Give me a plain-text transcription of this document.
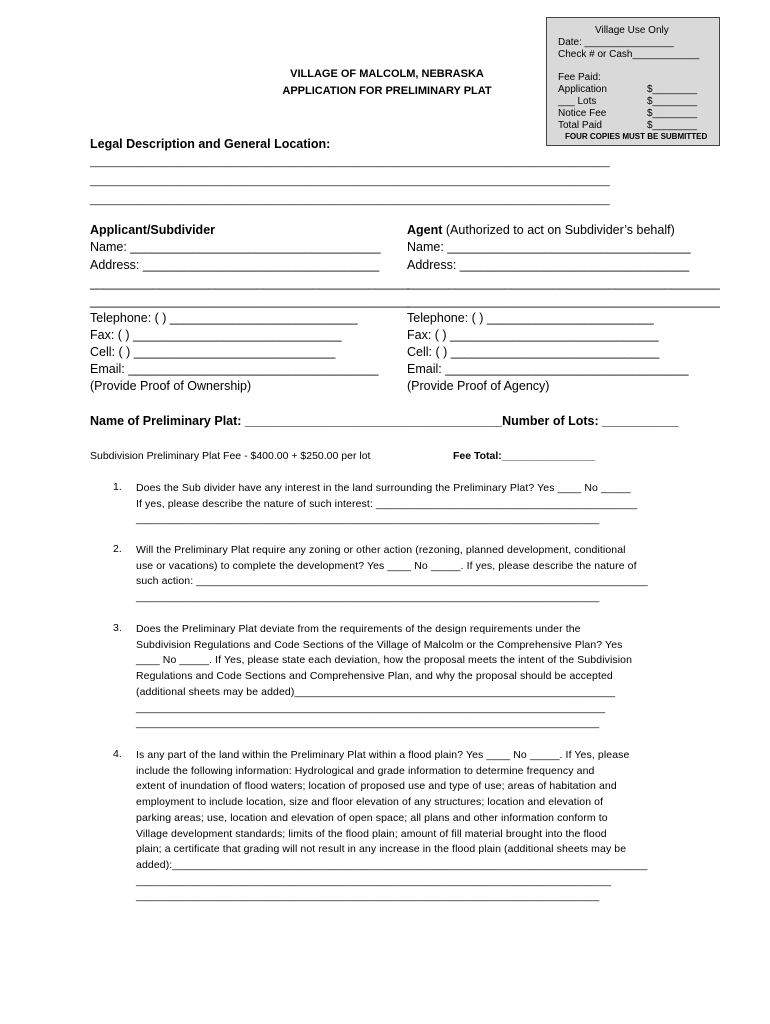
Village Use Only
Date: ________________
Check # or Cash____________
Fee Paid:
Application	$________
___ Lots	$________
Notice Fee	$________
Total Paid	$________
FOUR COPIES MUST BE SUBMITTED
VILLAGE OF MALCOLM, NEBRASKA
APPLICATION FOR PRELIMINARY PLAT
Legal Description and General Location:
_________________________________________________________________________________________
_________________________________________________________________________________________
_________________________________________________________________________________________
Applicant/Subdivider
Name: ____________________________________
Address: __________________________________
______________________________________________
______________________________________________
Telephone: ( ) ___________________________
Fax: ( ) ______________________________
Cell: ( ) _____________________________
Email: ____________________________________
(Provide Proof of Ownership)
Agent (Authorized to act on Subdivider’s behalf)
Name: ___________________________________
Address: _________________________________
_____________________________________________
_____________________________________________
Telephone: ( ) ________________________
Fax: ( ) ______________________________
Cell: ( ) ______________________________
Email: ___________________________________
(Provide Proof of Agency)
Name of Preliminary Plat: _____________________________________Number of Lots: ___________
Subdivision Preliminary Plat Fee - $400.00 + $250.00 per lot	Fee Total:________________
1. Does the Sub divider have any interest in the land surrounding the Preliminary Plat? Yes ____ No _____
If yes, please describe the nature of such interest: ____________________________________________
______________________________________________________________________________
2. Will the Preliminary Plat require any zoning or other action (rezoning, planned development, conditional
use or vacations) to complete the development? Yes ____ No _____. If yes, please describe the nature of
such action: ____________________________________________________________________________
______________________________________________________________________________
3. Does the Preliminary Plat deviate from the requirements of the design requirements under the
Subdivision Regulations and Code Sections of the Village of Malcolm or the Comprehensive Plan? Yes
____ No _____. If Yes, please state each deviation, how the proposal meets the intent of the Subdivision
Regulations and Code Sections and Comprehensive Plan, and why the proposal should be accepted
(additional sheets may be added)______________________________________________________
_______________________________________________________________________________
______________________________________________________________________________
4. Is any part of the land within the Preliminary Plat within a flood plain? Yes ____ No _____. If Yes, please
include the following information: Hydrological and grade information to determine frequency and
extent of inundation of flood waters; location of proposed use and type of use; areas of habitation and
employment to include location, size and floor elevation of any structures; location and elevation of
parking areas; use, location and elevation of open space; all plans and other information conform to
Village development standards; limits of the flood plain; amount of fill material brought into the flood
plain; a certificate that grading will not result in any increase in the flood plain (additional sheets may be
added):________________________________________________________________________________
________________________________________________________________________________
______________________________________________________________________________
